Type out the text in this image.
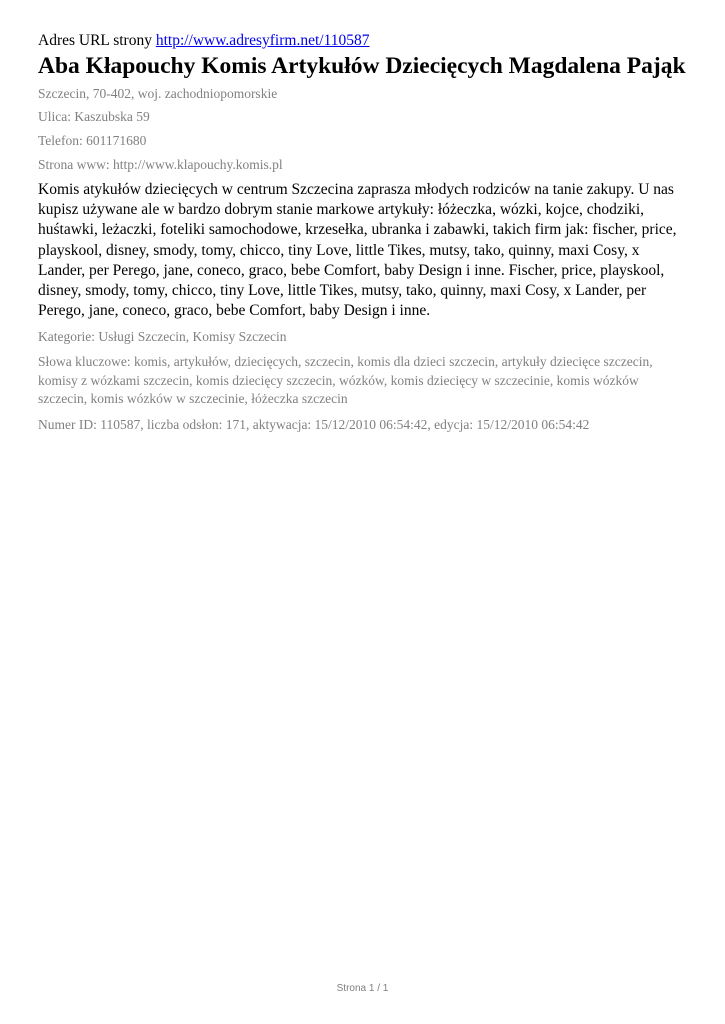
Adres URL strony http://www.adresyfirm.net/110587

Aba Kłapouchy Komis Artykułów Dziecięcych Magdalena Pająk

Szczecin, 70-402, woj. zachodniopomorskie

Ulica: Kaszubska 59

Telefon: 601171680

Strona www: http://www.klapouchy.komis.pl

Komis atykułów dziecięcych w centrum Szczecina zaprasza młodych rodziców na tanie zakupy. U nas kupisz używane ale w bardzo dobrym stanie markowe artykuły: łóżeczka, wózki, kojce, chodziki, huśtawki, leżaczki, foteliki samochodowe, krzesełka, ubranka i zabawki, takich firm jak: fischer, price, playskool, disney, smody, tomy, chicco, tiny Love, little Tikes, mutsy, tako, quinny, maxi Cosy, x Lander, per Perego, jane, coneco, graco, bebe Comfort, baby Design i inne. Fischer, price, playskool, disney, smody, tomy, chicco, tiny Love, little Tikes, mutsy, tako, quinny, maxi Cosy, x Lander, per Perego, jane, coneco, graco, bebe Comfort, baby Design i inne.

Kategorie: Usługi Szczecin, Komisy Szczecin

Słowa kluczowe: komis, artykułów, dziecięcych, szczecin, komis dla dzieci szczecin, artykuły dziecięce szczecin, komisy z wózkami szczecin, komis dziecięcy szczecin, wózków, komis dziecięcy w szczecinie, komis wózków szczecin, komis wózków w szczecinie, łóżeczka szczecin

Numer ID: 110587, liczba odsłon: 171, aktywacja: 15/12/2010 06:54:42, edycja: 15/12/2010 06:54:42

Strona 1 / 1
